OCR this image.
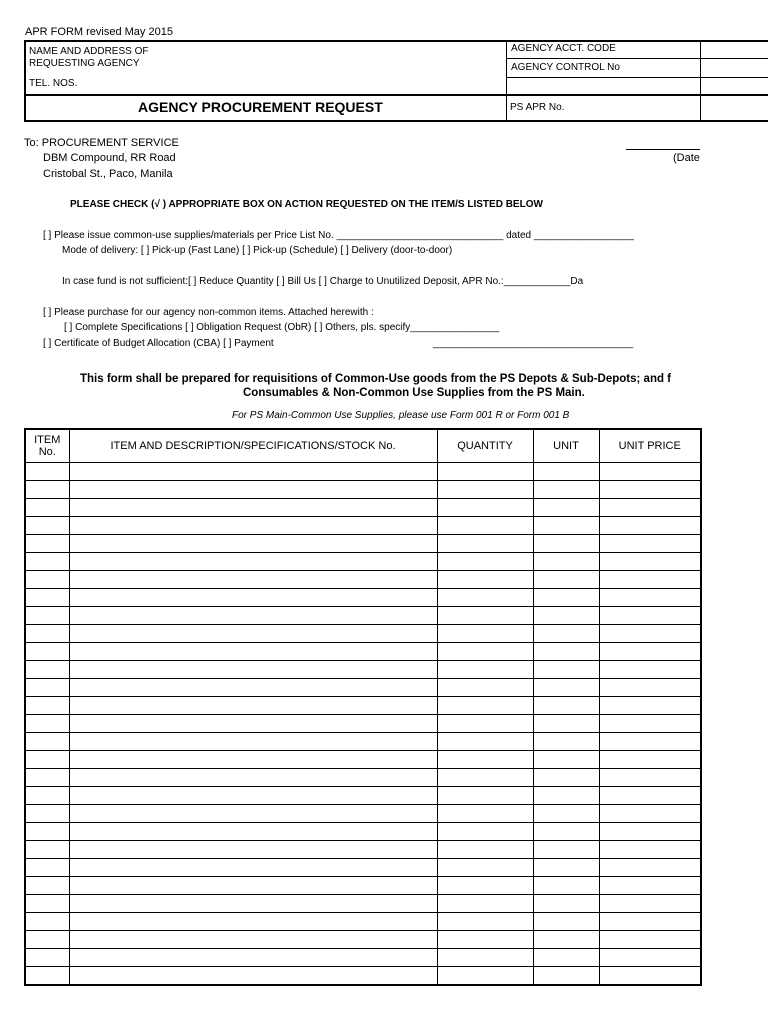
APR FORM revised May 2015
NAME AND ADDRESS OF
REQUESTING AGENCY
TEL. NOS.
AGENCY ACCT. CODE
AGENCY CONTROL No
AGENCY PROCUREMENT REQUEST	PS APR No.
To: PROCUREMENT SERVICE
DBM Compound, RR Road
Cristobal St., Paco, Manila
(Date
PLEASE CHECK (√ ) APPROPRIATE BOX ON ACTION REQUESTED ON THE ITEM/S LISTED BELOW
[ ] Please issue common-use supplies/materials per Price List No. ______________________________ dated __________________
Mode of delivery: [ ] Pick-up (Fast Lane) [ ] Pick-up (Schedule) [ ] Delivery (door-to-door)
In case fund is not sufficient:[ ] Reduce Quantity [ ] Bill Us [ ] Charge to Unutilized Deposit, APR No.:____________Da
[ ] Please purchase for our agency non-common items. Attached herewith :
[ ] Complete Specifications [ ] Obligation Request (ObR) [ ] Others, pls. specify________________
[ ] Certificate of Budget Allocation (CBA) [ ] Payment	____________________________________
This form shall be prepared for requisitions of Common-Use goods from the PS Depots & Sub-Depots; and f
Consumables & Non-Common Use Supplies from the PS Main.
For PS Main-Common Use Supplies, please use Form 001 R or Form 001 B
ITEM
No.	ITEM AND DESCRIPTION/SPECIFICATIONS/STOCK No.	QUANTITY	UNIT	UNIT PRICE
